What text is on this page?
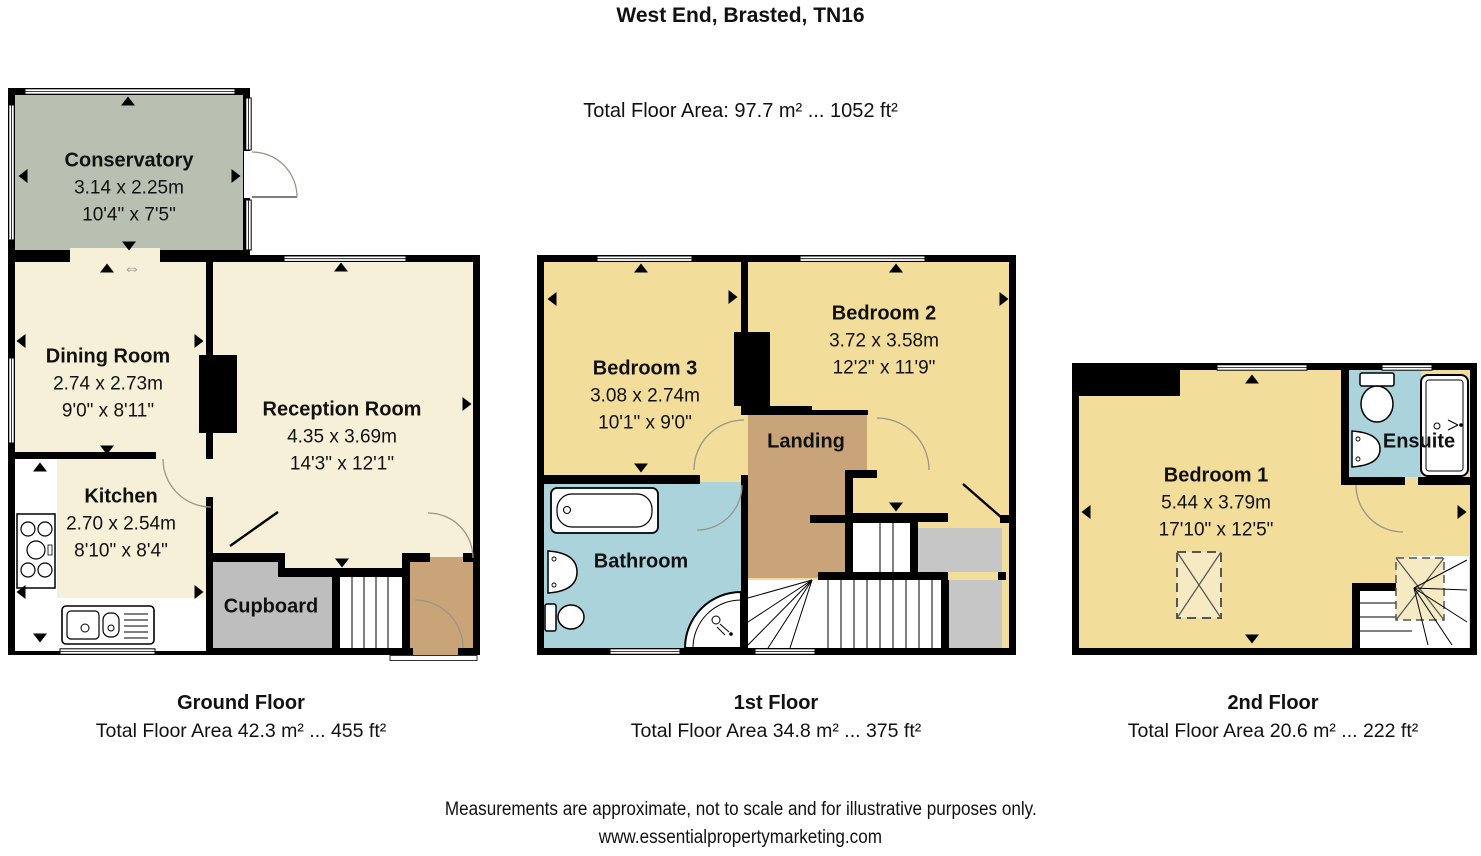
⇔
West End, Brasted, TN16
Total Floor Area: 97.7 m² ... 1052 ft²
Conservatory
3.14 x 2.25m
10'4" x 7'5"
Dining Room
2.74 x 2.73m
9'0" x 8'11"	Reception Room
4.35 x 3.69m
14'3" x 12'1"
Kitchen
2.70 x 2.54m
8'10" x 8'4"
Cupboard
Bedroom 3
3.08 x 2.74m
10'1" x 9'0"
Bedroom 2
3.72 x 3.58m
12'2" x 11'9"
Landing
Bathroom
Bedroom 1
5.44 x 3.79m
17'10" x 12'5"
Ensuite
Ground Floor
Total Floor Area 42.3 m² ... 455 ft²
1st Floor
Total Floor Area 34.8 m² ... 375 ft²
2nd Floor
Total Floor Area 20.6 m² ... 222 ft²
Measurements are approximate, not to scale and for illustrative purposes only.
www.essentialpropertymarketing.com
